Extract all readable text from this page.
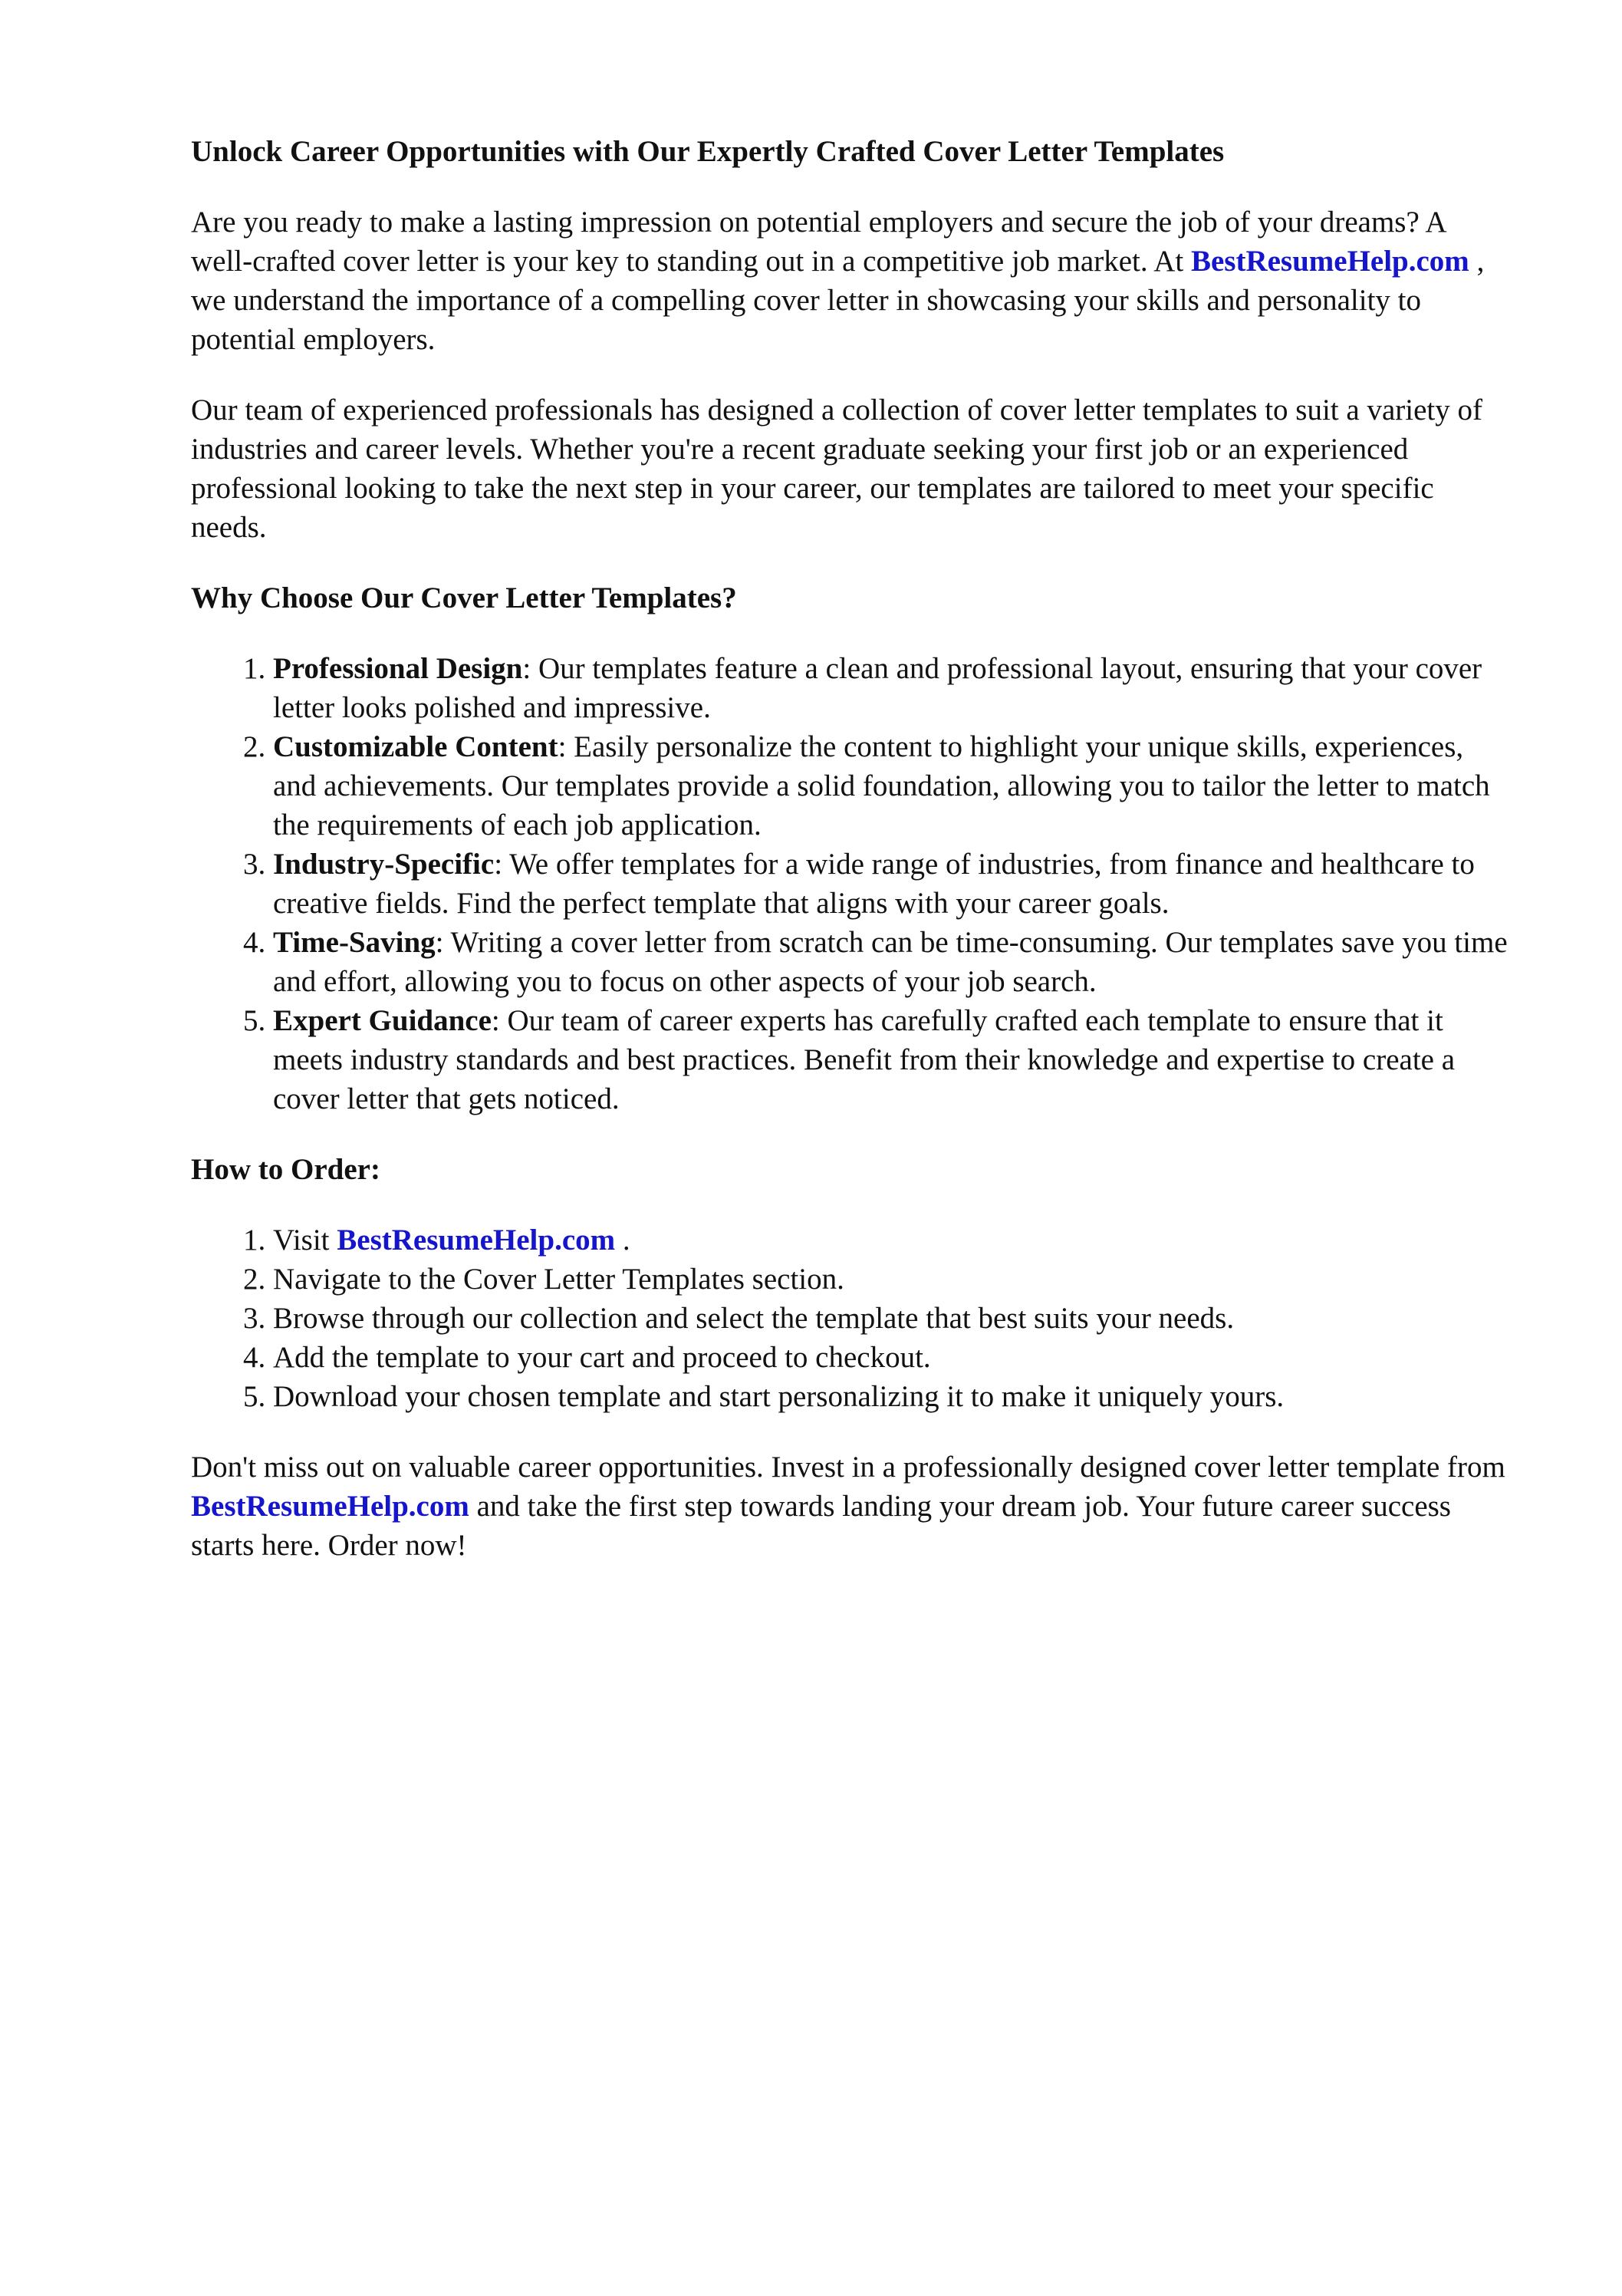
Unlock Career Opportunities with Our Expertly Crafted Cover Letter Templates

Are you ready to make a lasting impression on potential employers and secure the job of your dreams? A well-crafted cover letter is your key to standing out in a competitive job market. At BestResumeHelp.com , we understand the importance of a compelling cover letter in showcasing your skills and personality to potential employers.

Our team of experienced professionals has designed a collection of cover letter templates to suit a variety of industries and career levels. Whether you're a recent graduate seeking your first job or an experienced professional looking to take the next step in your career, our templates are tailored to meet your specific needs.

Why Choose Our Cover Letter Templates?
1. Professional Design: Our templates feature a clean and professional layout, ensuring that your cover letter looks polished and impressive.
2. Customizable Content: Easily personalize the content to highlight your unique skills, experiences, and achievements. Our templates provide a solid foundation, allowing you to tailor the letter to match the requirements of each job application.
3. Industry-Specific: We offer templates for a wide range of industries, from finance and healthcare to creative fields. Find the perfect template that aligns with your career goals.
4. Time-Saving: Writing a cover letter from scratch can be time-consuming. Our templates save you time and effort, allowing you to focus on other aspects of your job search.
5. Expert Guidance: Our team of career experts has carefully crafted each template to ensure that it meets industry standards and best practices. Benefit from their knowledge and expertise to create a cover letter that gets noticed.
How to Order:
1. Visit BestResumeHelp.com .
2. Navigate to the Cover Letter Templates section.
3. Browse through our collection and select the template that best suits your needs.
4. Add the template to your cart and proceed to checkout.
5. Download your chosen template and start personalizing it to make it uniquely yours.

Don't miss out on valuable career opportunities. Invest in a professionally designed cover letter template from BestResumeHelp.com and take the first step towards landing your dream job. Your future career success starts here. Order now!
